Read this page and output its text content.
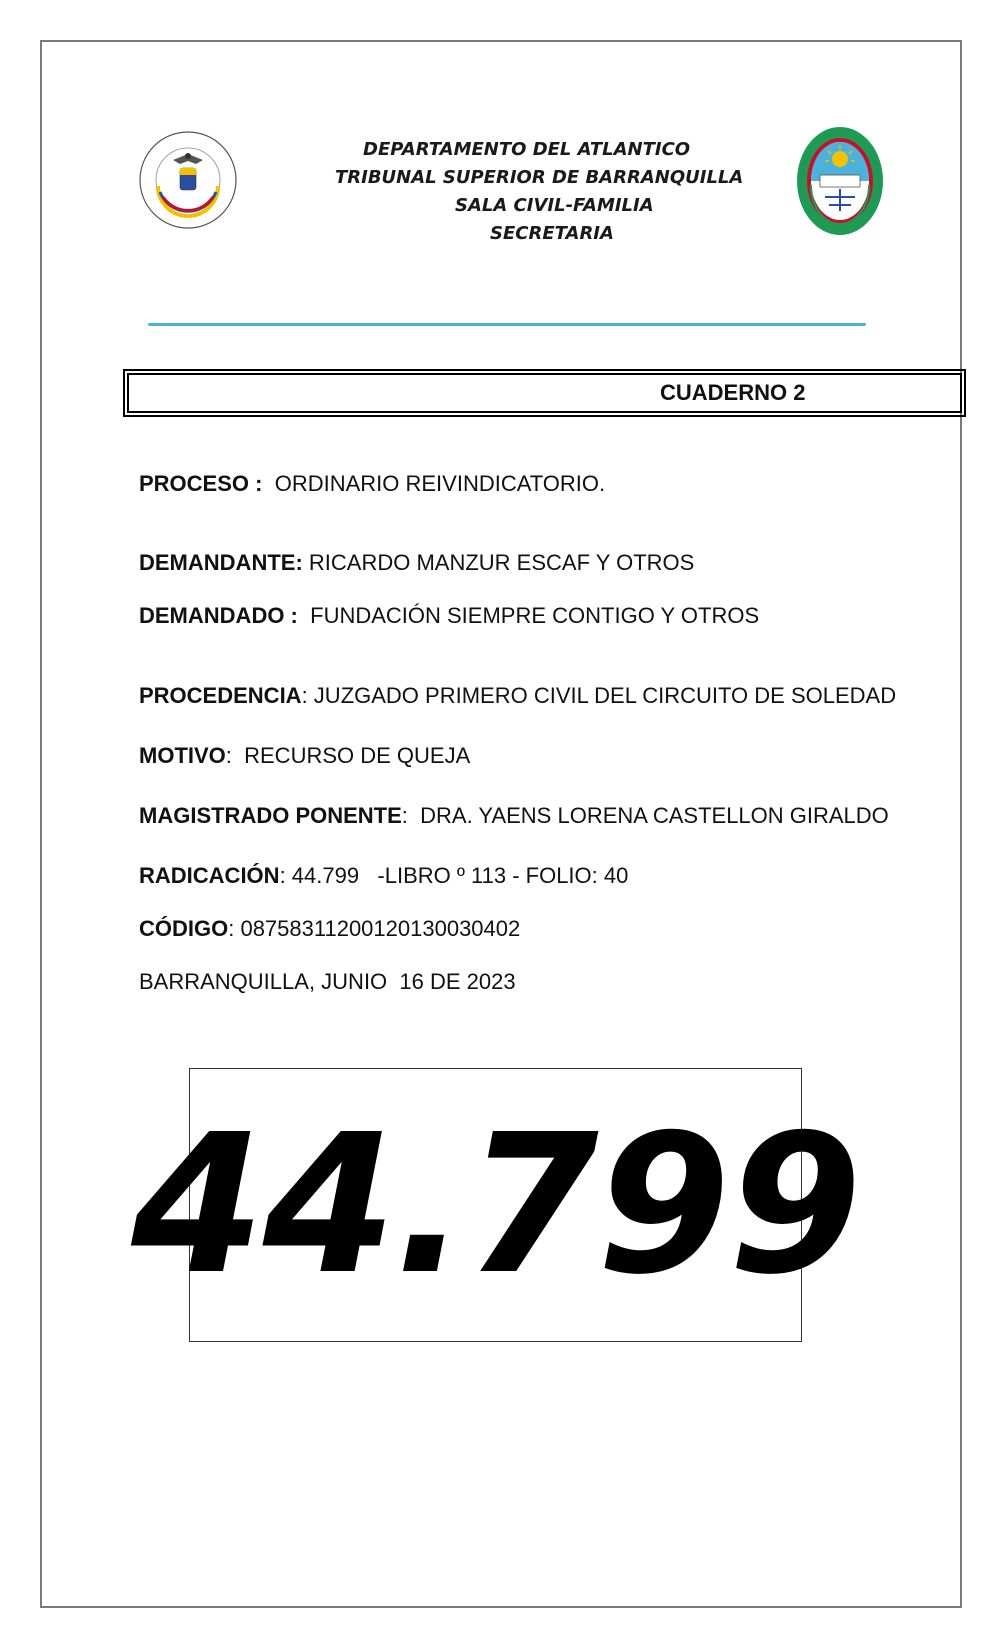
DEPARTAMENTO DEL ATLANTICO
TRIBUNAL SUPERIOR DE BARRANQUILLA
SALA CIVIL-FAMILIA
SECRETARIA
CUADERNO 2
PROCESO : ORDINARIO REIVINDICATORIO.
DEMANDANTE: RICARDO MANZUR ESCAF Y OTROS
DEMANDADO : FUNDACIÓN SIEMPRE CONTIGO Y OTROS
PROCEDENCIA: JUZGADO PRIMERO CIVIL DEL CIRCUITO DE SOLEDAD
MOTIVO:  RECURSO DE QUEJA
MAGISTRADO PONENTE:  DRA. YAENS LORENA CASTELLON GIRALDO
RADICACIÓN: 44.799   -LIBRO º 113 - FOLIO: 40
CÓDIGO: 08758311200120130030402
BARRANQUILLA, JUNIO  16 DE 2023
44.799
